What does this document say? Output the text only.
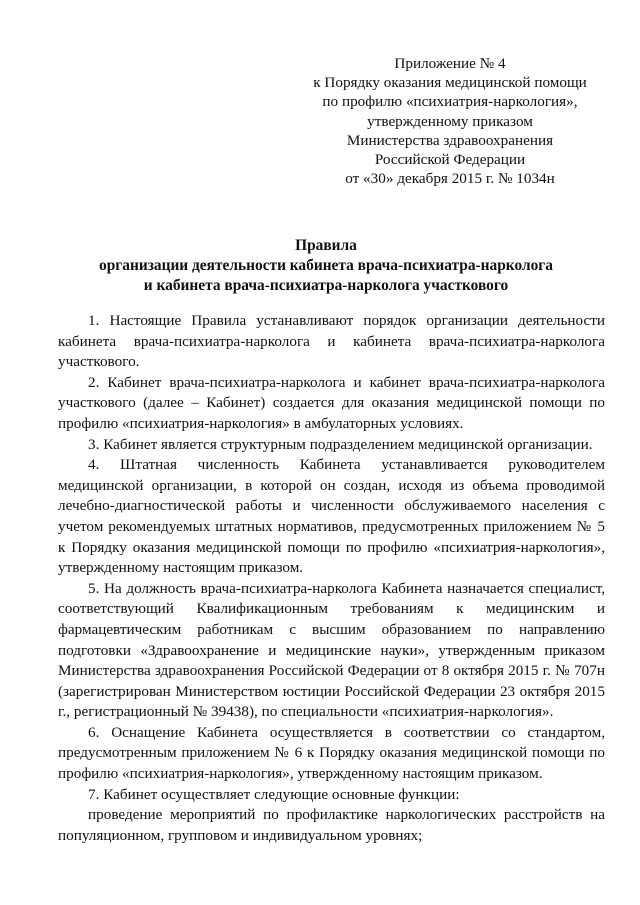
Приложение № 4
к Порядку оказания медицинской помощи
по профилю «психиатрия-наркология»,
утвержденному приказом
Министерства здравоохранения
Российской Федерации
от «30» декабря 2015 г. № 1034н
Правила
организации деятельности кабинета врача-психиатра-нарколога
и кабинета врача-психиатра-нарколога участкового

1. Настоящие Правила устанавливают порядок организации деятельности кабинета врача-психиатра-нарколога и кабинета врача-психиатра-нарколога участкового.

2. Кабинет врача-психиатра-нарколога и кабинет врача-психиатра-нарколога участкового (далее – Кабинет) создается для оказания медицинской помощи по профилю «психиатрия-наркология» в амбулаторных условиях.

3. Кабинет является структурным подразделением медицинской организации.

4. Штатная численность Кабинета устанавливается руководителем медицинской организации, в которой он создан, исходя из объема проводимой лечебно-диагностической работы и численности обслуживаемого населения с учетом рекомендуемых штатных нормативов, предусмотренных приложением № 5 к Порядку оказания медицинской помощи по профилю «психиатрия-наркология», утвержденному настоящим приказом.

5. На должность врача-психиатра-нарколога Кабинета назначается специалист, соответствующий Квалификационным требованиям к медицинским и фармацевтическим работникам с высшим образованием по направлению подготовки «Здравоохранение и медицинские науки», утвержденным приказом Министерства здравоохранения Российской Федерации от 8 октября 2015 г. № 707н (зарегистрирован Министерством юстиции Российской Федерации 23 октября 2015 г., регистрационный № 39438), по специальности «психиатрия-наркология».

6. Оснащение Кабинета осуществляется в соответствии со стандартом, предусмотренным приложением № 6 к Порядку оказания медицинской помощи по профилю «психиатрия-наркология», утвержденному настоящим приказом.

7. Кабинет осуществляет следующие основные функции:

проведение мероприятий по профилактике наркологических расстройств на популяционном, групповом и индивидуальном уровнях;
